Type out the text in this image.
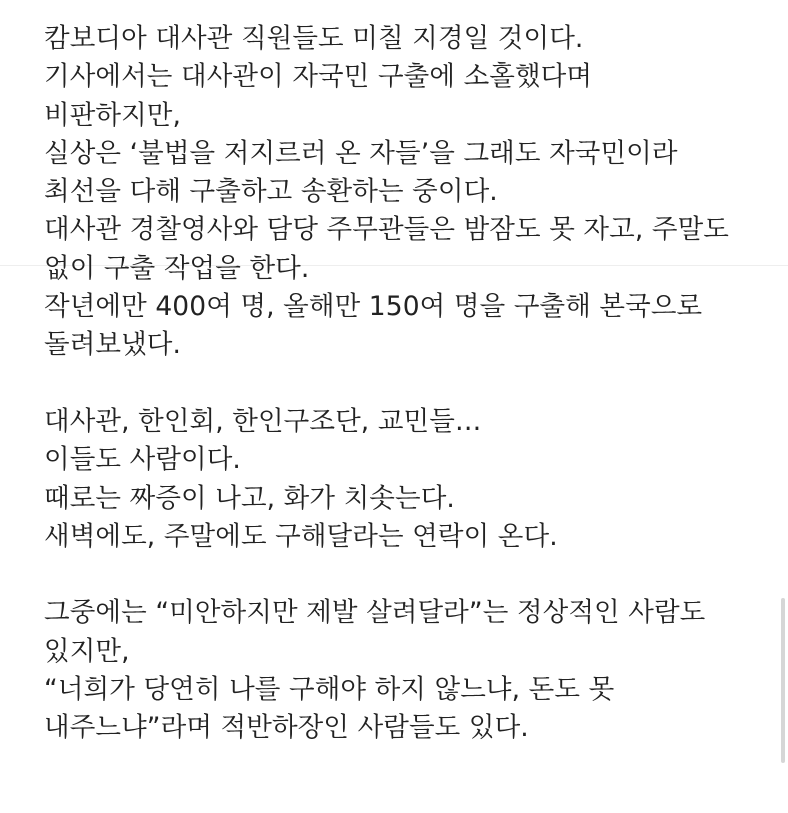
캄보디아 대사관 직원들도 미칠 지경일 것이다.
기사에서는 대사관이 자국민 구출에 소홀했다며
비판하지만,
실상은 ‘불법을 저지르러 온 자들’을 그래도 자국민이라
최선을 다해 구출하고 송환하는 중이다.
대사관 경찰영사와 담당 주무관들은 밤잠도 못 자고, 주말도
없이 구출 작업을 한다.
작년에만 400여 명, 올해만 150여 명을 구출해 본국으로
돌려보냈다.
대사관, 한인회, 한인구조단, 교민들…
이들도 사람이다.
때로는 짜증이 나고, 화가 치솟는다.
새벽에도, 주말에도 구해달라는 연락이 온다.
그중에는 “미안하지만 제발 살려달라”는 정상적인 사람도
있지만,
“너희가 당연히 나를 구해야 하지 않느냐, 돈도 못
내주느냐”라며 적반하장인 사람들도 있다.
